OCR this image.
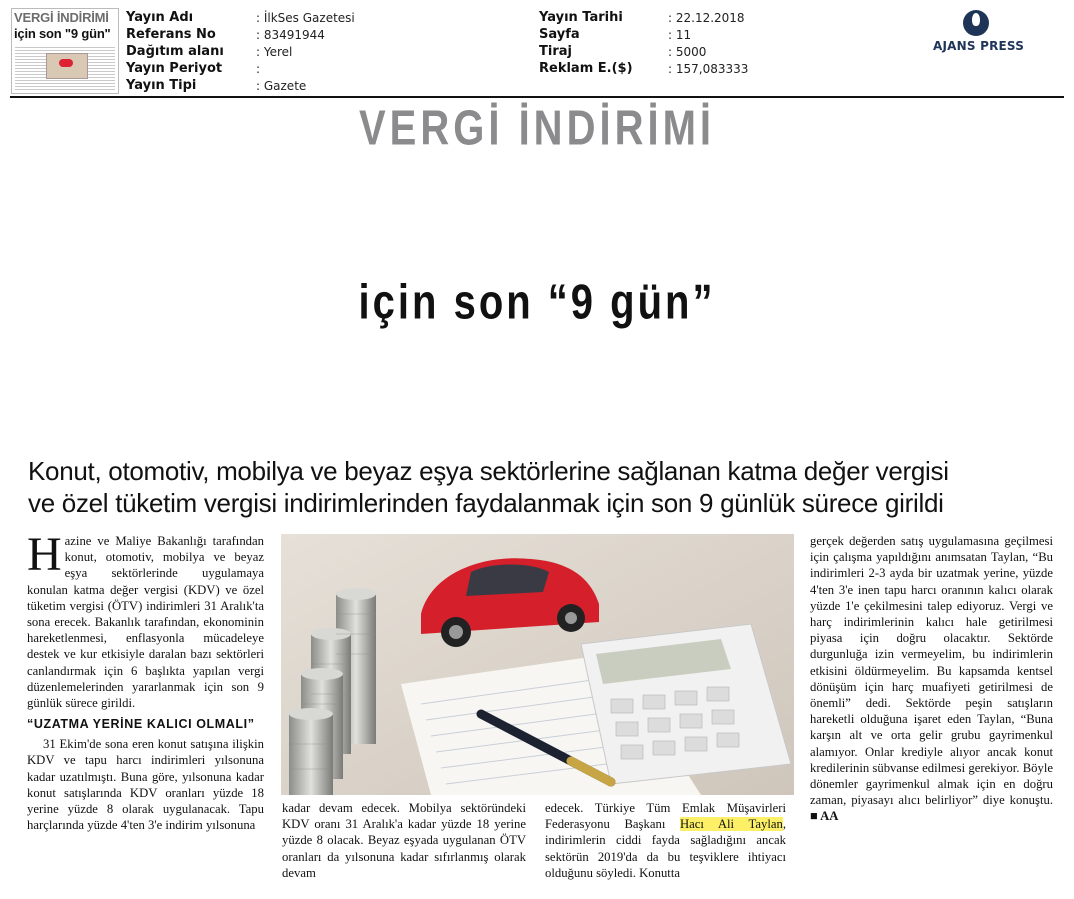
VERGİ İNDİRİMİ
için son "9 gün"
Yayın Adı	: İlkSes Gazetesi
Referans No	: 83491944
Dağıtım alanı	: Yerel
Yayın Periyot	:
Yayın Tipi	: Gazete
Yayın Tarihi	: 22.12.2018
Sayfa	: 11
Tiraj	: 5000
Reklam E.($)	: 157,083333
AJANS PRESS
VERGİ İNDİRİMİ
için son “9 gün”
Konut, otomotiv, mobilya ve beyaz eşya sektörlerine sağlanan katma değer vergisi
ve özel tüketim vergisi indirimlerinden faydalanmak için son 9 günlük sürece girildi

H azine ve Maliye Bakanlığı tarafından konut, otomotiv, mobilya ve beyaz eşya sektörlerinde uygulamaya konulan katma değer vergisi (KDV) ve özel tüketim vergisi (ÖTV) indirimleri 31 Aralık'ta sona erecek. Bakanlık tarafından, ekonominin hareketlenmesi, enflasyonla mücadeleye destek ve kur etkisiyle daralan bazı sektörleri canlandırmak için 6 başlıkta yapılan vergi düzenlemelerinden yararlanmak için son 9 günlük sürece girildi.

“UZATMA YERİNE KALICI OLMALI”

31 Ekim'de sona eren konut satışına ilişkin KDV ve tapu harcı indirimleri yılsonuna kadar uzatılmıştı. Buna göre, yılsonuna kadar konut satışlarında KDV oranları yüzde 18 yerine yüzde 8 olarak uygulanacak. Tapu harçlarında yüzde 4'ten 3'e indirim yılsonuna

kadar devam edecek. Mobilya sektöründeki KDV oranı 31 Aralık'a kadar yüzde 18 yerine yüzde 8 olacak. Beyaz eşyada uygulanan ÖTV oranları da yılsonuna kadar sıfırlanmış olarak devam

edecek. Türkiye Tüm Emlak Müşavirleri Federasyonu Başkanı Hacı Ali Taylan, indirimlerin ciddi fayda sağladığını ancak sektörün 2019'da da bu teşviklere ihtiyacı olduğunu söyledi. Konutta

gerçek değerden satış uygulamasına geçilmesi için çalışma yapıldığını anımsatan Taylan, “Bu indirimleri 2-3 ayda bir uzatmak yerine, yüzde 4'ten 3'e inen tapu harcı oranının kalıcı olarak yüzde 1'e çekilmesini talep ediyoruz. Vergi ve harç indirimlerinin kalıcı hale getirilmesi piyasa için doğru olacaktır. Sektörde durgunluğa izin vermeyelim, bu indirimlerin etkisini öldürmeyelim. Bu kapsamda kentsel dönüşüm için harç muafiyeti getirilmesi de önemli” dedi. Sektörde peşin satışların hareketli olduğuna işaret eden Taylan, “Buna karşın alt ve orta gelir grubu gayrimenkul alamıyor. Onlar krediyle alıyor ancak konut kredilerinin sübvanse edilmesi gerekiyor. Böyle dönemler gayrimenkul almak için en doğru zaman, piyasayı alıcı belirliyor” diye konuştu. ■ AA
